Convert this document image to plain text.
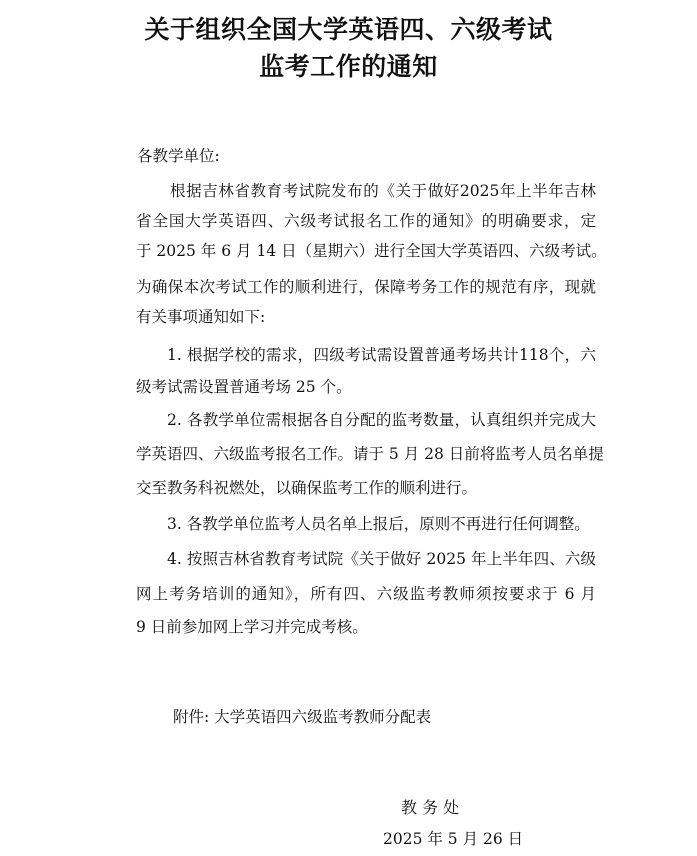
关于组织全国大学英语四、六级考试
监考工作的通知
各教学单位:
根据吉林省教育考试院发布的《关于做好2025年上半年吉林
省全国大学英语四、六级考试报名工作的通知》的明确要求，定
于 2025 年 6 月 14 日（星期六）进行全国大学英语四、六级考试。
为确保本次考试工作的顺利进行，保障考务工作的规范有序，现就
有关事项通知如下:
1. 根据学校的需求，四级考试需设置普通考场共计118个，六
级考试需设置普通考场 25 个。
2. 各教学单位需根据各自分配的监考数量，认真组织并完成大
学英语四、六级监考报名工作。请于 5 月 28 日前将监考人员名单提
交至教务科祝燃处，以确保监考工作的顺利进行。
3. 各教学单位监考人员名单上报后，原则不再进行任何调整。
4. 按照吉林省教育考试院《关于做好 2025 年上半年四、六级
网上考务培训的通知》，所有四、六级监考教师须按要求于 6 月
9 日前参加网上学习并完成考核。
附件: 大学英语四六级监考教师分配表
教 务 处
2025 年 5 月 26 日
